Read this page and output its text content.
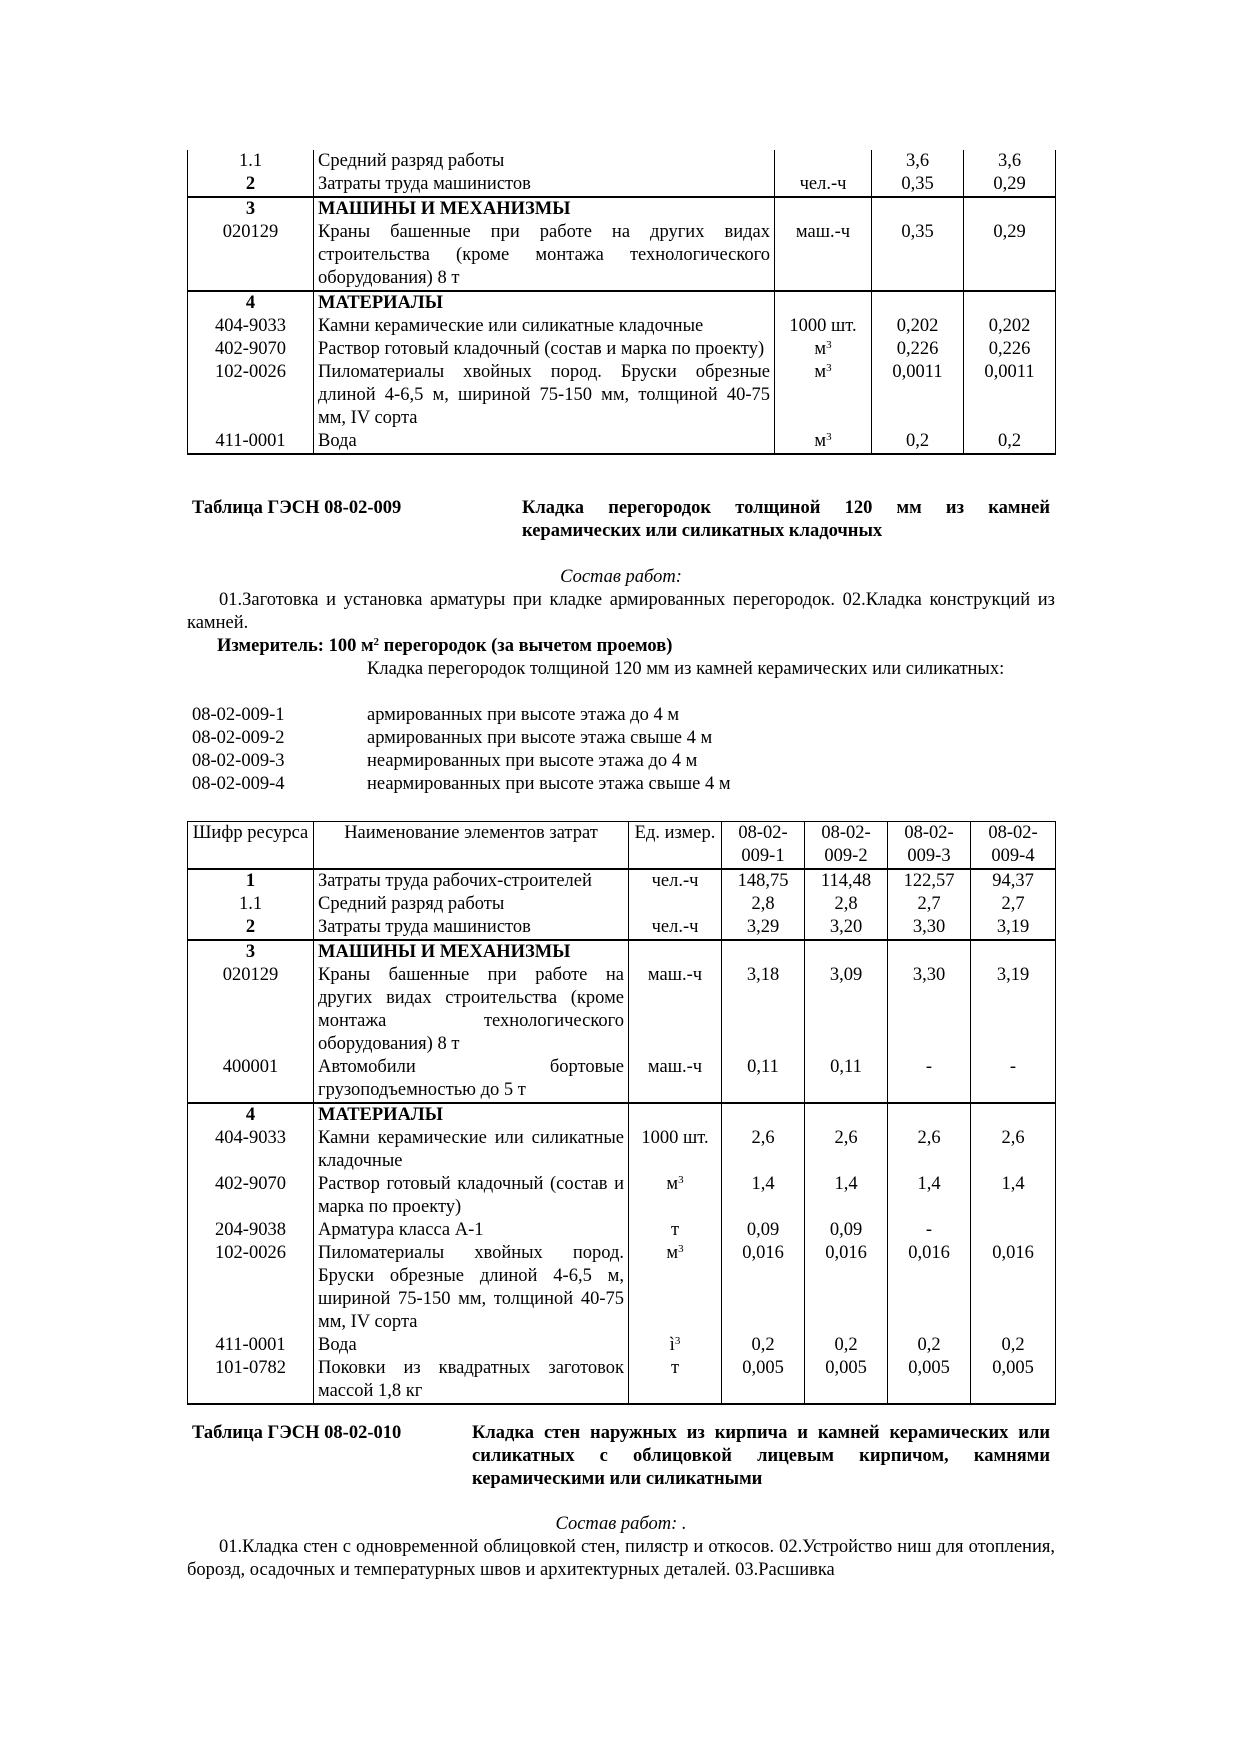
1.1	Средний разряд работы		3,6	3,6
2	Затраты труда машинистов	чел.-ч	0,35	0,29
3	МАШИНЫ И МЕХАНИЗМЫ			
020129	Краны башенные при работе на других видах строительства (кроме монтажа технологического оборудования) 8 т	маш.-ч	0,35	0,29
4	МАТЕРИАЛЫ			
404-9033	Камни керамические или силикатные кладочные	1000 шт.	0,202	0,202
402-9070	Раствор готовый кладочный (состав и марка по проекту)	$м^3$	0,226	0,226
102-0026	Пиломатериалы хвойных пород. Бруски обрезные длиной 4-6,5 м, шириной 75-150 мм, толщиной 40-75 мм, IV сорта	$м^3$	0,0011	0,0011
411-0001	Вода	$м^3$	0,2	0,2
Таблица ГЭСН 08-02-009	Кладка перегородок толщиной 120 мм из камней керамических или силикатных кладочных
Состав работ:
01.Заготовка и установка арматуры при кладке армированных перегородок. 02.Кладка конструкций из камней.
Измеритель: 100 $м^2$ перегородок (за вычетом проемов)
Кладка перегородок толщиной 120 мм из камней керамических или силикатных:
08-02-009-1	армированных при высоте этажа до 4 м
08-02-009-2	армированных при высоте этажа свыше 4 м
08-02-009-3	неармированных при высоте этажа до 4 м
08-02-009-4	неармированных при высоте этажа свыше 4 м
Шифр ресурса	Наименование элементов затрат	Ед. измер.	08-02-009-1	08-02-009-2	08-02-009-3	08-02-009-4
1	Затраты труда рабочих-строителей	чел.-ч	148,75	114,48	122,57	94,37
1.1	Средний разряд работы		2,8	2,8	2,7	2,7
2	Затраты труда машинистов	чел.-ч	3,29	3,20	3,30	3,19
3	МАШИНЫ И МЕХАНИЗМЫ					
020129	Краны башенные при работе на других видах строительства (кроме монтажа технологического оборудования) 8 т	маш.-ч	3,18	3,09	3,30	3,19
400001	Автомобили бортовые грузоподъемностью до 5 т	маш.-ч	0,11	0,11	-	-
4	МАТЕРИАЛЫ					
404-9033	Камни керамические или силикатные кладочные	1000 шт.	2,6	2,6	2,6	2,6
402-9070	Раствор готовый кладочный (состав и марка по проекту)	$м^3$	1,4	1,4	1,4	1,4
204-9038	Арматура класса А-1	т	0,09	0,09	-	
102-0026	Пиломатериалы хвойных пород. Бруски обрезные длиной 4-6,5 м, шириной 75-150 мм, толщиной 40-75 мм, IV сорта	$м^3$	0,016	0,016	0,016	0,016
411-0001	Вода	$ì^3$	0,2	0,2	0,2	0,2
101-0782	Поковки из квадратных заготовок массой 1,8 кг	т	0,005	0,005	0,005	0,005
Таблица ГЭСН 08-02-010	Кладка стен наружных из кирпича и камней керамических или силикатных с облицовкой лицевым кирпичом, камнями керамическими или силикатными
Состав работ: .
01.Кладка стен с одновременной облицовкой стен, пилястр и откосов. 02.Устройство ниш для отопления, борозд, осадочных и температурных швов и архитектурных деталей. 03.Расшивка
